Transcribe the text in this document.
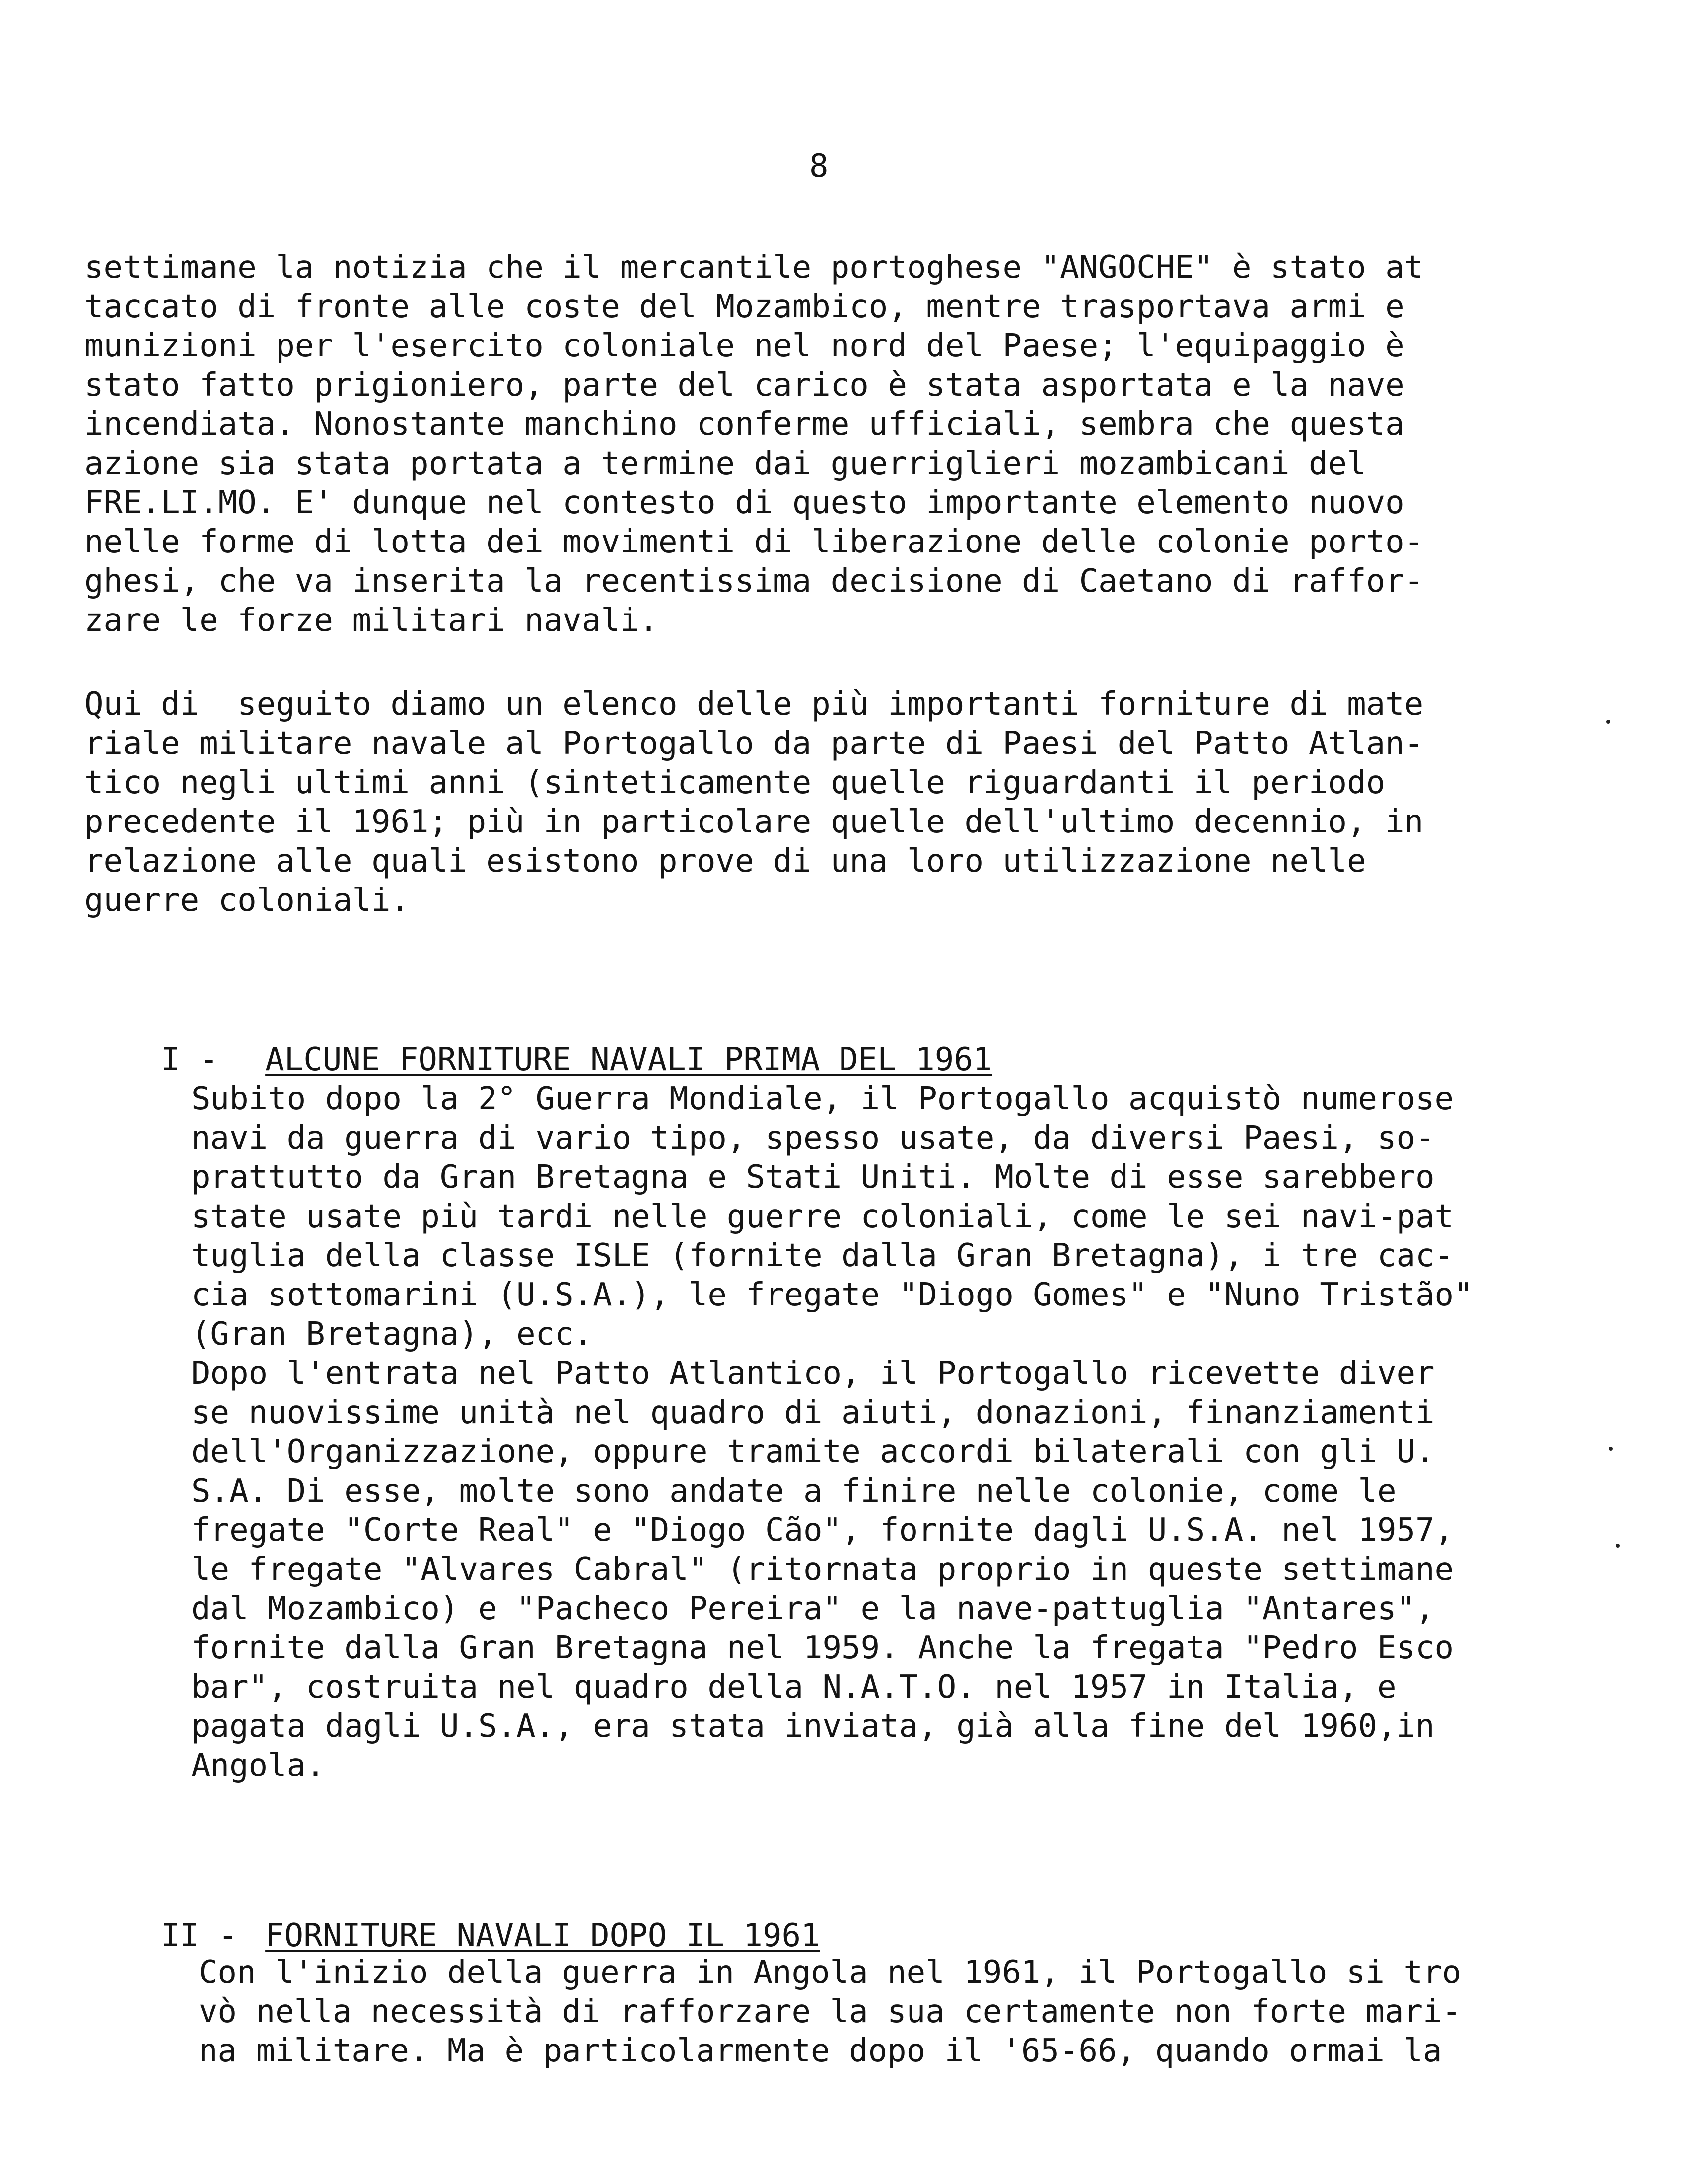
8
settimane la notizia che il mercantile portoghese "ANGOCHE" è stato at
taccato di fronte alle coste del Mozambico, mentre trasportava armi e
munizioni per l'esercito coloniale nel nord del Paese; l'equipaggio è
stato fatto prigioniero, parte del carico è stata asportata e la nave
incendiata. Nonostante manchino conferme ufficiali, sembra che questa
azione sia stata portata a termine dai guerriglieri mozambicani del
FRE.LI.MO. E' dunque nel contesto di questo importante elemento nuovo
nelle forme di lotta dei movimenti di liberazione delle colonie porto-
ghesi, che va inserita la recentissima decisione di Caetano di raffor-
zare le forze militari navali.
Qui di  seguito diamo un elenco delle più importanti forniture di mate
riale militare navale al Portogallo da parte di Paesi del Patto Atlan-
tico negli ultimi anni (sinteticamente quelle riguardanti il periodo
precedente il 1961; più in particolare quelle dell'ultimo decennio, in
relazione alle quali esistono prove di una loro utilizzazione nelle
guerre coloniali.

I - ALCUNE FORNITURE NAVALI PRIMA DEL 1961

Subito dopo la 2° Guerra Mondiale, il Portogallo acquistò numerose
navi da guerra di vario tipo, spesso usate, da diversi Paesi, so-
prattutto da Gran Bretagna e Stati Uniti. Molte di esse sarebbero
state usate più tardi nelle guerre coloniali, come le sei navi-pat
tuglia della classe ISLE (fornite dalla Gran Bretagna), i tre cac-
cia sottomarini (U.S.A.), le fregate "Diogo Gomes" e "Nuno Tristão"
(Gran Bretagna), ecc.
Dopo l'entrata nel Patto Atlantico, il Portogallo ricevette diver
se nuovissime unità nel quadro di aiuti, donazioni, finanziamenti
dell'Organizzazione, oppure tramite accordi bilaterali con gli U.
S.A. Di esse, molte sono andate a finire nelle colonie, come le
fregate "Corte Real" e "Diogo Cão", fornite dagli U.S.A. nel 1957,
le fregate "Alvares Cabral" (ritornata proprio in queste settimane
dal Mozambico) e "Pacheco Pereira" e la nave-pattuglia "Antares",
fornite dalla Gran Bretagna nel 1959. Anche la fregata "Pedro Esco
bar", costruita nel quadro della N.A.T.O. nel 1957 in Italia, e
pagata dagli U.S.A., era stata inviata, già alla fine del 1960,in
Angola.

II - FORNITURE NAVALI DOPO IL 1961

Con l'inizio della guerra in Angola nel 1961, il Portogallo si tro
vò nella necessità di rafforzare la sua certamente non forte mari-
na militare. Ma è particolarmente dopo il '65-66, quando ormai la
